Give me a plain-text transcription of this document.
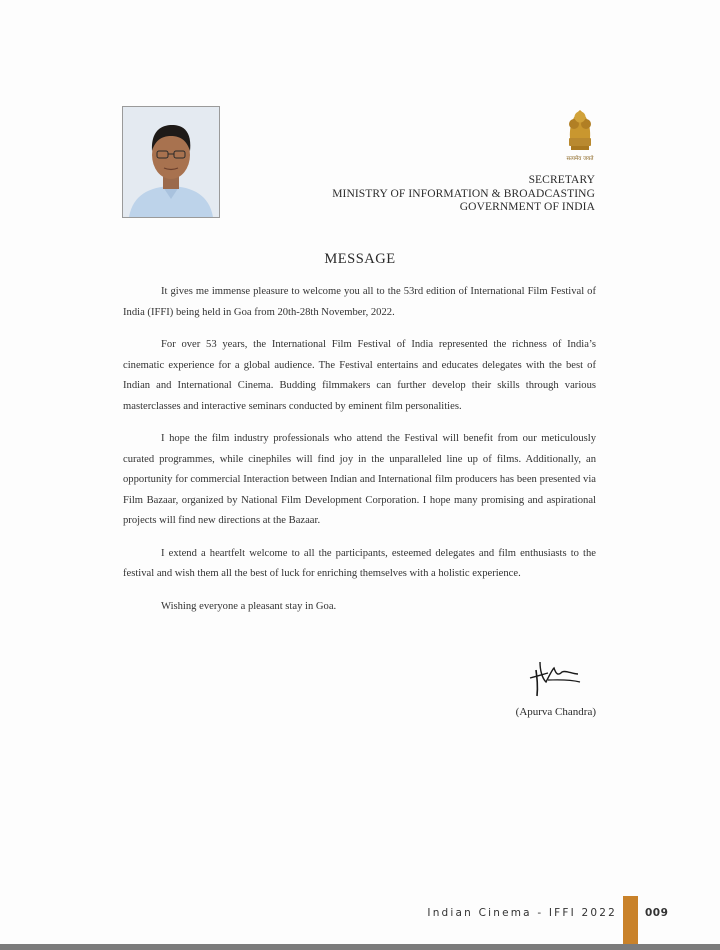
सत्यमेव जयते
SECRETARY
MINISTRY OF INFORMATION & BROADCASTING
GOVERNMENT OF INDIA
MESSAGE

It gives me immense pleasure to welcome you all to the 53rd edition of International Film Festival of India (IFFI) being held in Goa from 20th-28th November, 2022.

For over 53 years, the International Film Festival of India represented the richness of India’s cinematic experience for a global audience. The Festival entertains and educates delegates with the best of Indian and International Cinema. Budding filmmakers can further develop their skills through various masterclasses and interactive seminars conducted by eminent film personalities.

I hope the film industry professionals who attend the Festival will benefit from our meticulously curated programmes, while cinephiles will find joy in the unparalleled line up of films. Additionally, an opportunity for commercial Interaction between Indian and International film producers has been presented via Film Bazaar, organized by National Film Development Corporation. I hope many promising and aspirational projects will find new directions at the Bazaar.

I extend a heartfelt welcome to all the participants, esteemed delegates and film enthusiasts to the festival and wish them all the best of luck for enriching themselves with a holistic experience.

Wishing everyone a pleasant stay in Goa.

(Apurva Chandra)
Indian Cinema - IFFI 2022	009
